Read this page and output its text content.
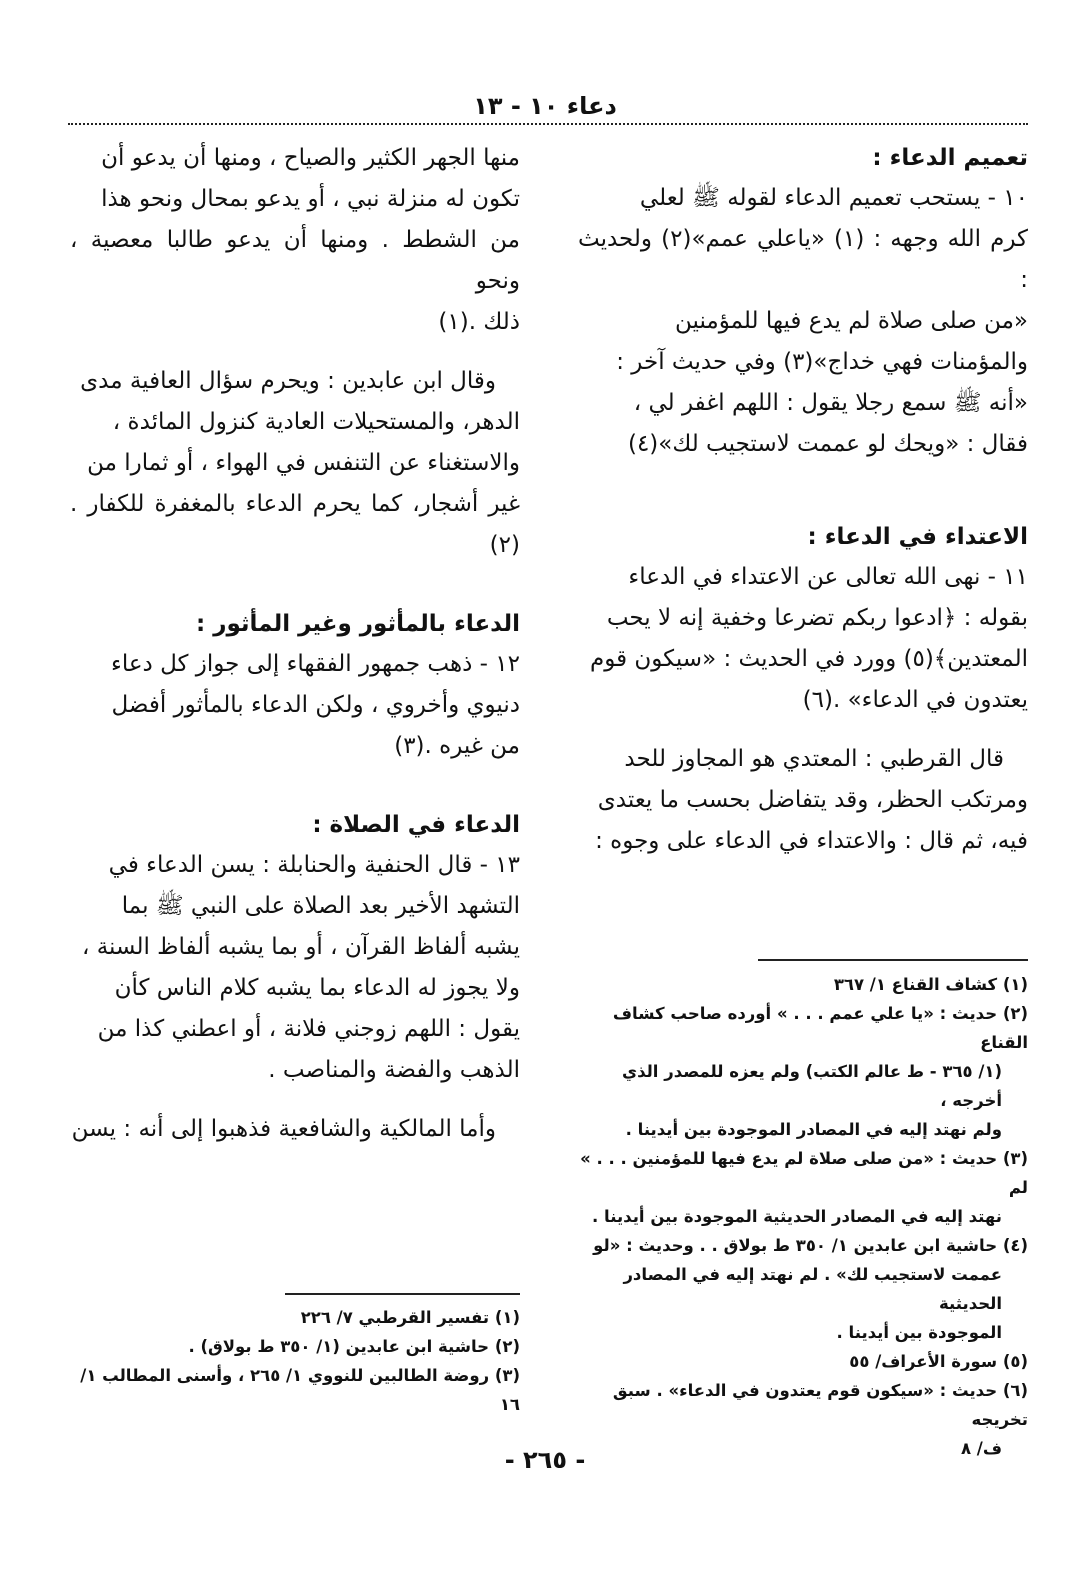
دعاء ١٠ - ١٣

تعميم الدعاء :

١٠ - يستحب تعميم الدعاء لقوله ﷺ لعلي

كرم الله وجهه : (١) «ياعلي عمم»(٢) ولحديث :

«من صلى صلاة لم يدع فيها للمؤمنين

والمؤمنات فهي خداج»(٣) وفي حديث آخر :

«أنه ﷺ سمع رجلا يقول : اللهم اغفر لي ،

فقال : «ويحك لو عممت لاستجيب لك»(٤)

الاعتداء في الدعاء :

١١ - نهى الله تعالى عن الاعتداء في الدعاء

بقوله : ﴿ادعوا ربكم تضرعا وخفية إنه لا يحب

المعتدين﴾(٥) وورد في الحديث : «سيكون قوم

يعتدون في الدعاء» .(٦)

قال القرطبي : المعتدي هو المجاوز للحد

ومرتكب الحظر، وقد يتفاضل بحسب ما يعتدى

فيه، ثم قال : والاعتداء في الدعاء على وجوه :

منها الجهر الكثير والصياح ، ومنها أن يدعو أن

تكون له منزلة نبي ، أو يدعو بمحال ونحو هذا

من الشطط . ومنها أن يدعو طالبا معصية ، ونحو

ذلك .(١)

وقال ابن عابدين : ويحرم سؤال العافية مدى

الدهر، والمستحيلات العادية كنزول المائدة ،

والاستغناء عن التنفس في الهواء ، أو ثمارا من

غير أشجار، كما يحرم الدعاء بالمغفرة للكفار .(٢)

الدعاء بالمأثور وغير المأثور :

١٢ - ذهب جمهور الفقهاء إلى جواز كل دعاء

دنيوي وأخروي ، ولكن الدعاء بالمأثور أفضل

من غيره .(٣)

الدعاء في الصلاة :

١٣ - قال الحنفية والحنابلة : يسن الدعاء في

التشهد الأخير بعد الصلاة على النبي ﷺ بما

يشبه ألفاظ القرآن ، أو بما يشبه ألفاظ السنة ،

ولا يجوز له الدعاء بما يشبه كلام الناس كأن

يقول : اللهم زوجني فلانة ، أو اعطني كذا من

الذهب والفضة والمناصب .

وأما المالكية والشافعية فذهبوا إلى أنه : يسن

(١) كشاف القناع ١/ ٣٦٧

(٢) حديث : «يا علي عمم . . . » أورده صاحب كشاف القناع

(١/ ٣٦٥ - ط عالم الكتب) ولم يعزه للمصدر الذي أخرجه ،

ولم نهتد إليه في المصادر الموجودة بين أيدينا .

(٣) حديث : «من صلى صلاة لم يدع فيها للمؤمنين . . . » لم

نهتد إليه في المصادر الحديثية الموجودة بين أيدينا .

(٤) حاشية ابن عابدين ١/ ٣٥٠ ط بولاق . . وحديث : «لو

عممت لاستجيب لك» . لم نهتد إليه في المصادر الحديثية

الموجودة بين أيدينا .

(٥) سورة الأعراف/ ٥٥

(٦) حديث : «سيكون قوم يعتدون في الدعاء» . سبق تخريجه

ف/ ٨

(١) تفسير القرطبي ٧/ ٢٢٦

(٢) حاشية ابن عابدين (١/ ٣٥٠ ط بولاق) .

(٣) روضة الطالبين للنووي ١/ ٢٦٥ ، وأسنى المطالب ١/ ١٦

- ٢٦٥ -
